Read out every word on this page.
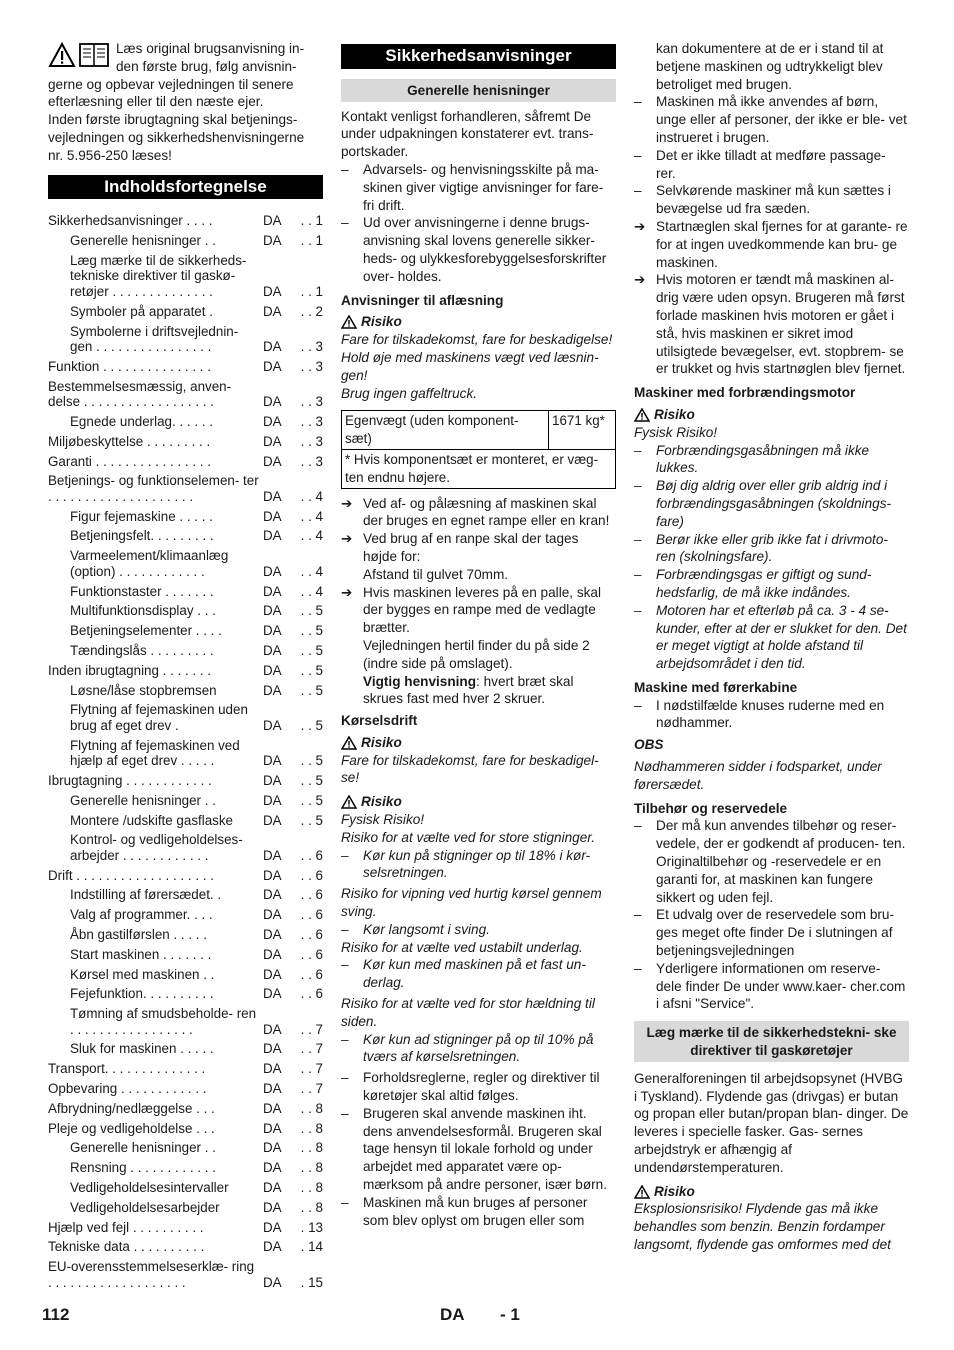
Læs original brugsanvisning in- den første brug, følg anvisnin- gerne og opbevar vejledningen til senere efterlæsning eller til den næste ejer.

Inden første ibrugtagning skal betjenings- vejledningen og sikkerhedshenvisningerne nr. 5.956-250 læses!

Indholdsfortegnelse
Sikkerhedsanvisninger . . . .	DA	. . 1
Generelle henisninger . .	DA	. . 1
Læg mærke til de sikkerheds- tekniske direktiver til gaskø- retøjer . . . . . . . . . . . . . .	DA	. . 1
Symboler på apparatet .	DA	. . 2
Symbolerne i driftsvejlednin- gen . . . . . . . . . . . . . . . .	DA	. . 3
Funktion . . . . . . . . . . . . . . .	DA	. . 3
Bestemmelsesmæssig, anven- delse . . . . . . . . . . . . . . . . . .	DA	. . 3
Egnede underlag. . . . . .	DA	. . 3
Miljøbeskyttelse . . . . . . . . .	DA	. . 3
Garanti . . . . . . . . . . . . . . . .	DA	. . 3
Betjenings- og funktionselemen- ter . . . . . . . . . . . . . . . . . . . .	DA	. . 4
Figur fejemaskine . . . . .	DA	. . 4
Betjeningsfelt. . . . . . . . .	DA	. . 4
Varmeelement/klimaanlæg (option) . . . . . . . . . . . .	DA	. . 4
Funktionstaster . . . . . . .	DA	. . 4
Multifunktionsdisplay . . .	DA	. . 5
Betjeningselementer . . . .	DA	. . 5
Tændingslås . . . . . . . . .	DA	. . 5
Inden ibrugtagning . . . . . . .	DA	. . 5
Løsne/låse stopbremsen	DA	. . 5
Flytning af fejemaskinen uden brug af eget drev .	DA	. . 5
Flytning af fejemaskinen ved hjælp af eget drev . . . . .	DA	. . 5
Ibrugtagning . . . . . . . . . . . .	DA	. . 5
Generelle henisninger . .	DA	. . 5
Montere /udskifte gasflaske	DA	. . 5
Kontrol- og vedligeholdelses- arbejder . . . . . . . . . . . .	DA	. . 6
Drift . . . . . . . . . . . . . . . . . . .	DA	. . 6
Indstilling af førersædet. .	DA	. . 6
Valg af programmer. . . .	DA	. . 6
Åbn gastilførslen . . . . .	DA	. . 6
Start maskinen . . . . . . .	DA	. . 6
Kørsel med maskinen . .	DA	. . 6
Fejefunktion. . . . . . . . . .	DA	. . 6
Tømning af smudsbeholde- ren . . . . . . . . . . . . . . . . .	DA	. . 7
Sluk for maskinen . . . . .	DA	. . 7
Transport. . . . . . . . . . . . . .	DA	. . 7
Opbevaring . . . . . . . . . . . .	DA	. . 7
Afbrydning/nedlæggelse . . .	DA	. . 8
Pleje og vedligeholdelse . . .	DA	. . 8
Generelle henisninger . .	DA	. . 8
Rensning . . . . . . . . . . . .	DA	. . 8
Vedligeholdelsesintervaller	DA	. . 8
Vedligeholdelsesarbejder	DA	. . 8
Hjælp ved fejl . . . . . . . . . .	DA	. 13
Tekniske data . . . . . . . . . .	DA	. 14
EU-overensstemmelseserklæ- ring . . . . . . . . . . . . . . . . . . .	DA	. 15
Sikkerhedsanvisninger
Generelle henisninger

Kontakt venligst forhandleren, såfremt De under udpakningen konstaterer evt. trans- portskader.

–	Advarsels- og henvisningsskilte på ma- skinen giver vigtige anvisninger for fare- fri drift.
–	Ud over anvisningerne i denne brugs- anvisning skal lovens generelle sikker- heds- og ulykkesforebyggelsesforskrifter over- holdes.

Anvisninger til aflæsning

Risiko

Fare for tilskadekomst, fare for beskadigelse! Hold øje med maskinens vægt ved læsnin- gen!

Brug ingen gaffeltruck.

Egenvægt (uden komponent- sæt)
1671 kg*
* Hvis komponentsæt er monteret, er væg- ten endnu højere.
➔ Ved af- og pålæsning af maskinen skal der bruges en egnet rampe eller en kran!
➔ Ved brug af en ranpe skal der tages højde for:

Afstand til gulvet 70mm.

➔ Hvis maskinen leveres på en palle, skal der bygges en rampe med de vedlagte brætter.

Vejledningen hertil finder du på side 2 (indre side på omslaget).

Vigtig henvisning: hvert bræt skal skrues fast med hver 2 skruer.

Kørselsdrift

Risiko

Fare for tilskadekomst, fare for beskadigel- se!

Risiko

Fysisk Risiko!

Risiko for at vælte ved for store stigninger.

–	Kør kun på stigninger op til 18% i kør- selsretningen.

Risiko for vipning ved hurtig kørsel gennem sving.

–	Kør langsomt i sving.

Risiko for at vælte ved ustabilt underlag.

–	Kør kun med maskinen på et fast un- derlag.

Risiko for at vælte ved for stor hældning til siden.

–	Kør kun ad stigninger på op til 10% på tværs af kørselsretningen.
–	Forholdsreglerne, regler og direktiver til køretøjer skal altid følges.
–	Brugeren skal anvende maskinen iht. dens anvendelsesformål. Brugeren skal tage hensyn til lokale forhold og under arbejdet med apparatet være op- mærksom på andre personer, især børn.
–	Maskinen må kun bruges af personer som blev oplyst om brugen eller som

kan dokumentere at de er i stand til at betjene maskinen og udtrykkeligt blev betroliget med brugen.

–	Maskinen må ikke anvendes af børn, unge eller af personer, der ikke er ble- vet instrueret i brugen.
–	Det er ikke tilladt at medføre passage- rer.
–	Selvkørende maskiner må kun sættes i bevægelse ud fra sæden.
➔ Startnæglen skal fjernes for at garante- re for at ingen uvedkommende kan bru- ge maskinen.
➔ Hvis motoren er tændt må maskinen al- drig være uden opsyn. Brugeren må først forlade maskinen hvis motoren er gået i stå, hvis maskinen er sikret imod utilsigtede bevægelser, evt. stopbrem- se er trukket og hvis startnøglen blev fjernet.

Maskiner med forbrændingsmotor

Risiko

Fysisk Risiko!

–	Forbrændingsgasåbningen må ikke lukkes.
–	Bøj dig aldrig over eller grib aldrig ind i forbrændingsgasåbningen (skoldnings- fare)
–	Berør ikke eller grib ikke fat i drivmoto- ren (skolningsfare).
–	Forbrændingsgas er giftigt og sund- hedsfarlig, de må ikke indåndes.
–	Motoren har et efterløb på ca. 3 - 4 se- kunder, efter at der er slukket for den. Det er meget vigtigt at holde afstand til arbejdsområdet i den tid.

Maskine med førerkabine

–	I nødstilfælde knuses ruderne med en nødhammer.

OBS

Nødhammeren sidder i fodsparket, under førersædet.

Tilbehør og reservedele

–	Der må kun anvendes tilbehør og reser- vedele, der er godkendt af producen- ten. Originaltilbehør og -reservedele er en garanti for, at maskinen kan fungere sikkert og uden fejl.
–	Et udvalg over de reservedele som bru- ges meget ofte finder De i slutningen af betjeningsvejledningen
–	Yderligere informationen om reserve- dele finder De under www.kaer- cher.com i afsni "Service".
Læg mærke til de sikkerhedstekni- ske direktiver til gaskøretøjer

Generalforeningen til arbejdsopsynet (HVBG i Tyskland). Flydende gas (drivgas) er butan og propan eller butan/propan blan- dinger. De leveres i specielle fasker. Gas- sernes arbejdstryk er afhængig af undendørstemperaturen.

Risiko

Eksplosionsrisiko! Flydende gas må ikke behandles som benzin. Benzin fordamper langsomt, flydende gas omformes med det

112	DA - 1
